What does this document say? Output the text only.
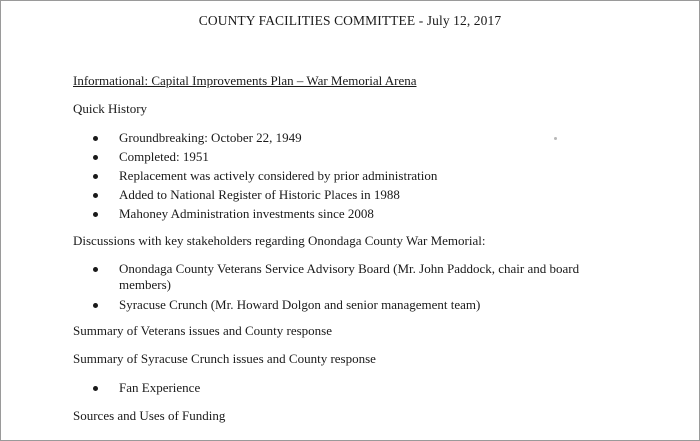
COUNTY FACILITIES COMMITTEE - July 12, 2017
Informational: Capital Improvements Plan – War Memorial Arena
Quick History
Groundbreaking: October 22, 1949
Completed: 1951
Replacement was actively considered by prior administration
Added to National Register of Historic Places in 1988
Mahoney Administration investments since 2008
Discussions with key stakeholders regarding Onondaga County War Memorial:
Onondaga County Veterans Service Advisory Board (Mr. John Paddock, chair and board members)
Syracuse Crunch (Mr. Howard Dolgon and senior management team)
Summary of Veterans issues and County response
Summary of Syracuse Crunch issues and County response
Fan Experience
Sources and Uses of Funding
